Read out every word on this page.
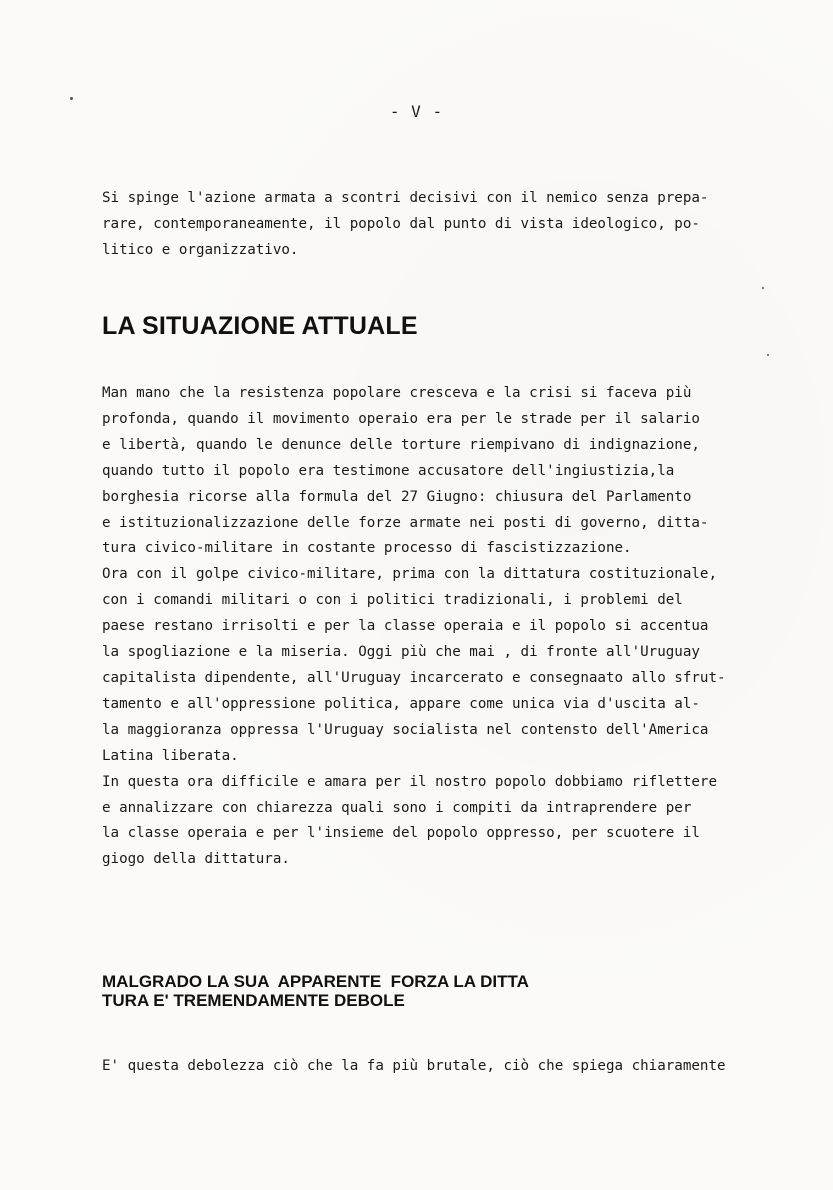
- V -

Si spinge l'azione armata a scontri decisivi con il nemico senza prepa-
rare, contemporaneamente, il popolo dal punto di vista ideologico, po-
litico e organizzativo.

LA SITUAZIONE ATTUALE

Man mano che la resistenza popolare cresceva e la crisi si faceva più
profonda, quando il movimento operaio era per le strade per il salario
e libertà, quando le denunce delle torture riempivano di indignazione,
quando tutto il popolo era testimone accusatore dell'ingiustizia,la
borghesia ricorse alla formula del 27 Giugno: chiusura del Parlamento
e istituzionalizzazione delle forze armate nei posti di governo, ditta-
tura civico-militare in costante processo di fascistizzazione.
Ora con il golpe civico-militare, prima con la dittatura costituzionale,
con i comandi militari o con i politici tradizionali, i problemi del
paese restano irrisolti e per la classe operaia e il popolo si accentua
la spogliazione e la miseria. Oggi più che mai , di fronte all'Uruguay
capitalista dipendente, all'Uruguay incarcerato e consegnaato allo sfrut-
tamento e all'oppressione politica, appare come unica via d'uscita al-
la maggioranza oppressa l'Uruguay socialista nel contensto dell'America
Latina liberata.
In questa ora difficile e amara per il nostro popolo dobbiamo riflettere
e annalizzare con chiarezza quali sono i compiti da intraprendere per
la classe operaia e per l'insieme del popolo oppresso, per scuotere il
giogo della dittatura.

MALGRADO LA SUA  APPARENTE  FORZA LA DITTA
TURA E' TREMENDAMENTE DEBOLE

E' questa debolezza ciò che la fa più brutale, ciò che spiega chiaramente
